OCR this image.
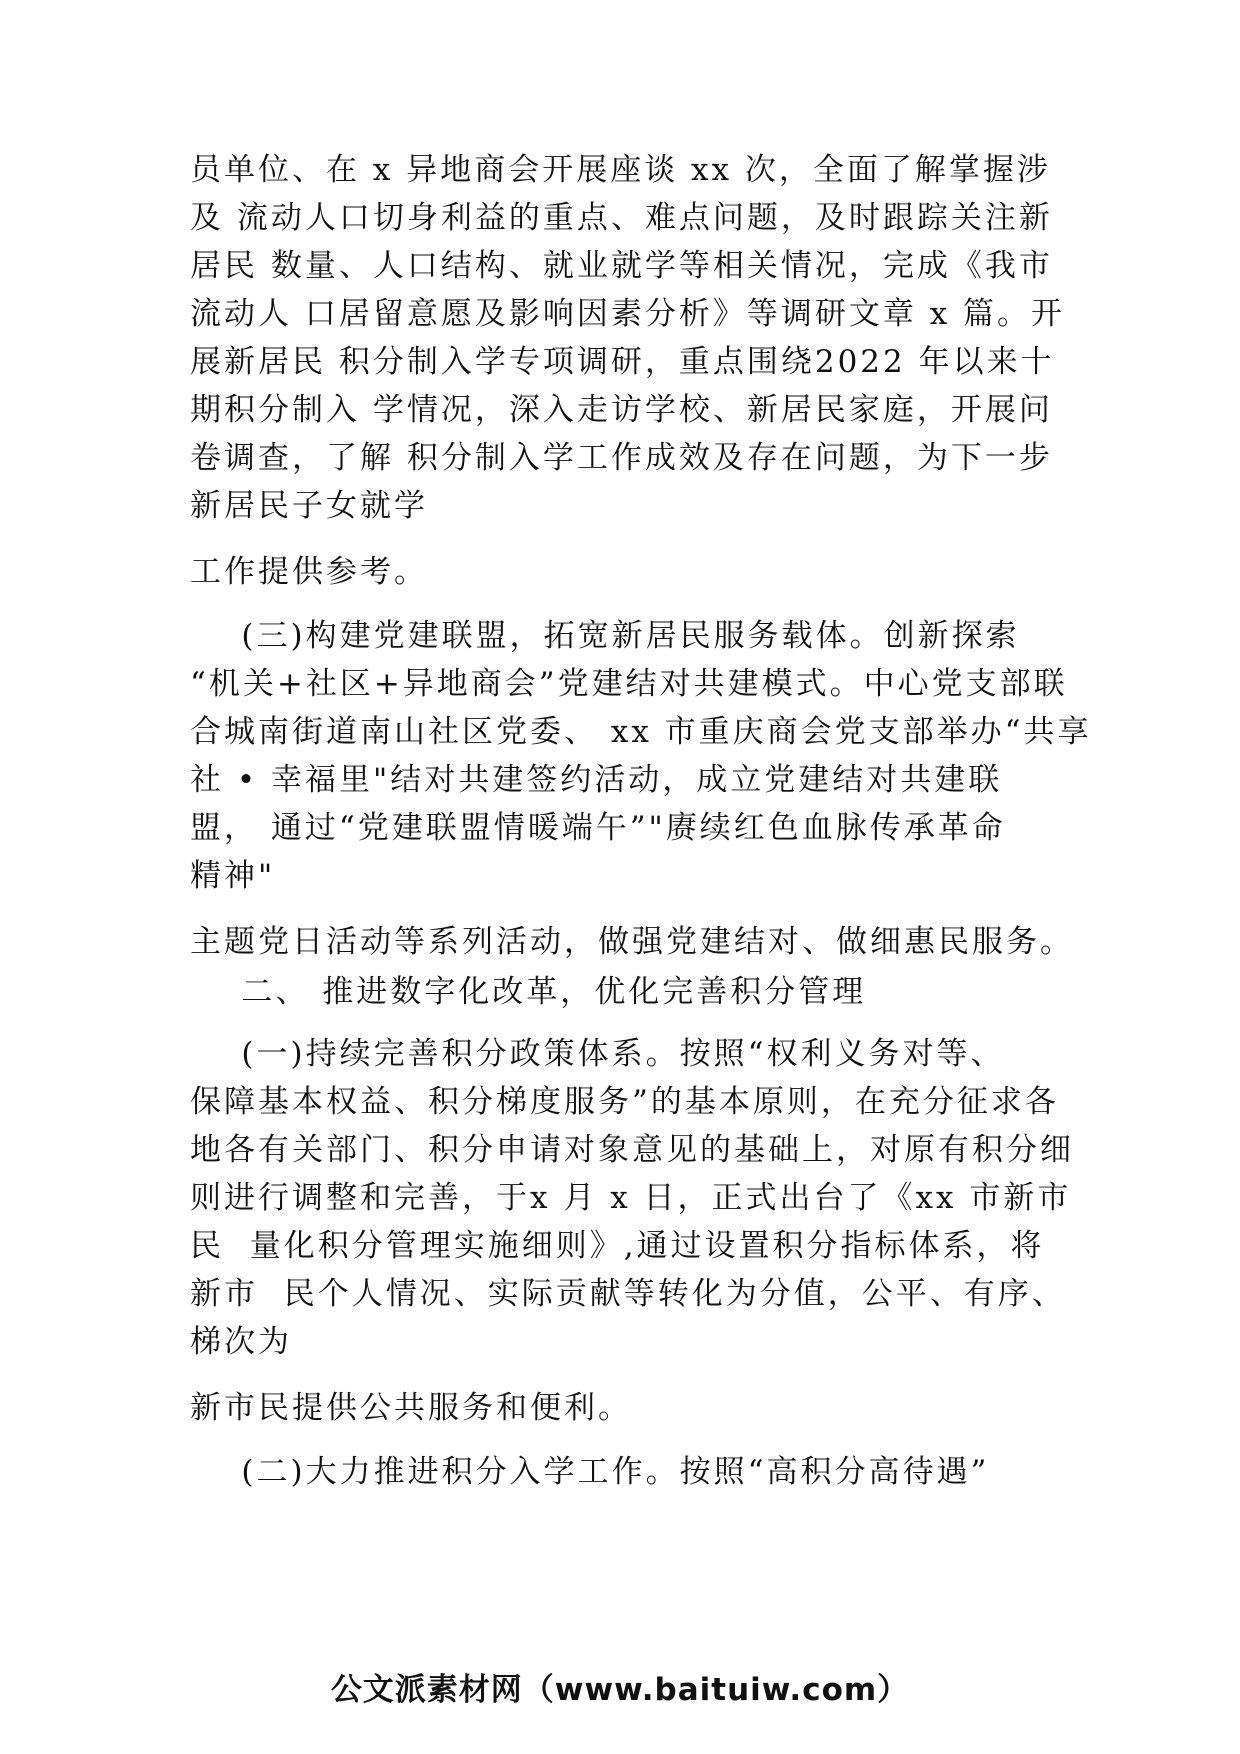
员单位、在 x 异地商会开展座谈 xx 次，全面了解掌握涉
及 流动人口切身利益的重点、难点问题，及时跟踪关注新
居民 数量、人口结构、就业就学等相关情况，完成《我市
流动人 口居留意愿及影响因素分析》等调研文章 x 篇。开
展新居民 积分制入学专项调研，重点围绕2022 年以来十
期积分制入 学情况，深入走访学校、新居民家庭，开展问
卷调查，了解 积分制入学工作成效及存在问题，为下一步
新居民子女就学
工作提供参考。
(三)构建党建联盟，拓宽新居民服务载体。创新探索
“机关+社区+异地商会”党建结对共建模式。中心党支部联
合城南街道南山社区党委、 xx 市重庆商会党支部举办“共享
社 • 幸福里"结对共建签约活动，成立党建结对共建联
盟， 通过“党建联盟情暖端午”"赓续红色血脉传承革命
精神"
主题党日活动等系列活动，做强党建结对、做细惠民服务。
二、 推进数字化改革，优化完善积分管理
(一)持续完善积分政策体系。按照“权利义务对等、
保障基本权益、积分梯度服务”的基本原则，在充分征求各
地各有关部门、积分申请对象意见的基础上，对原有积分细
则进行调整和完善，于x 月 x 日，正式出台了《xx 市新市
民  量化积分管理实施细则》,通过设置积分指标体系，将
新市  民个人情况、实际贡献等转化为分值，公平、有序、
梯次为
新市民提供公共服务和便利。
(二)大力推进积分入学工作。按照“高积分高待遇”
公文派素材网（www.baituiw.com）
